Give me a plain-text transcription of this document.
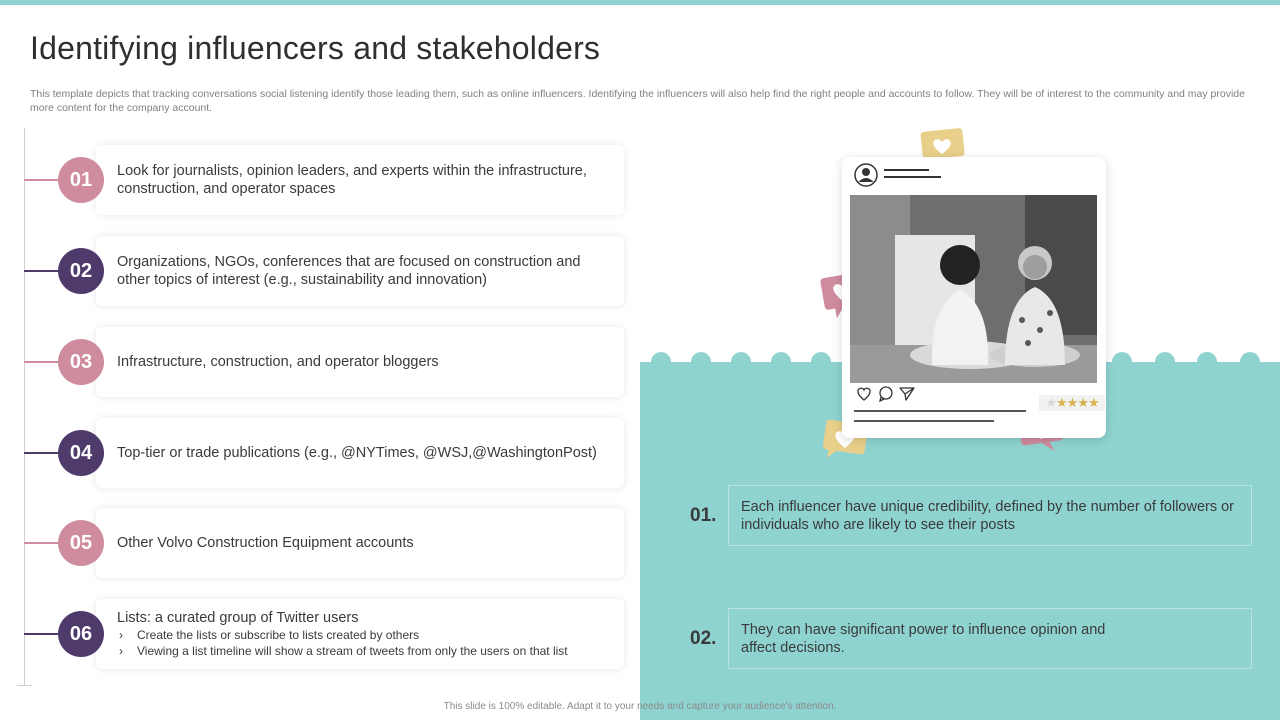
Identifying influencers and stakeholders

This template depicts that tracking conversations social listening identify those leading them, such as online influencers. Identifying the influencers will also help find the right people and accounts to follow. They will be of interest to the community and may provide more content for the company account.

01	Look for journalists, opinion leaders, and experts within the infrastructure, construction, and operator spaces
02	Organizations, NGOs, conferences that are focused on construction and other topics of interest (e.g., sustainability and innovation)
03	Infrastructure, construction, and operator bloggers
04	Top-tier or trade publications (e.g., @NYTimes, @WSJ,@WashingtonPost)
05	Other Volvo Construction Equipment accounts
06
Lists: a curated group of Twitter users
› Create the lists or subscribe to lists created by others
› Viewing a list timeline will show a stream of tweets from only the users on that list
★★★★★
01. Each influencer have unique credibility, defined by the number of followers or individuals who are likely to see their posts
02. They can have significant power to influence opinion and affect decisions.
This slide is 100% editable. Adapt it to your needs and capture your audience's attention.
